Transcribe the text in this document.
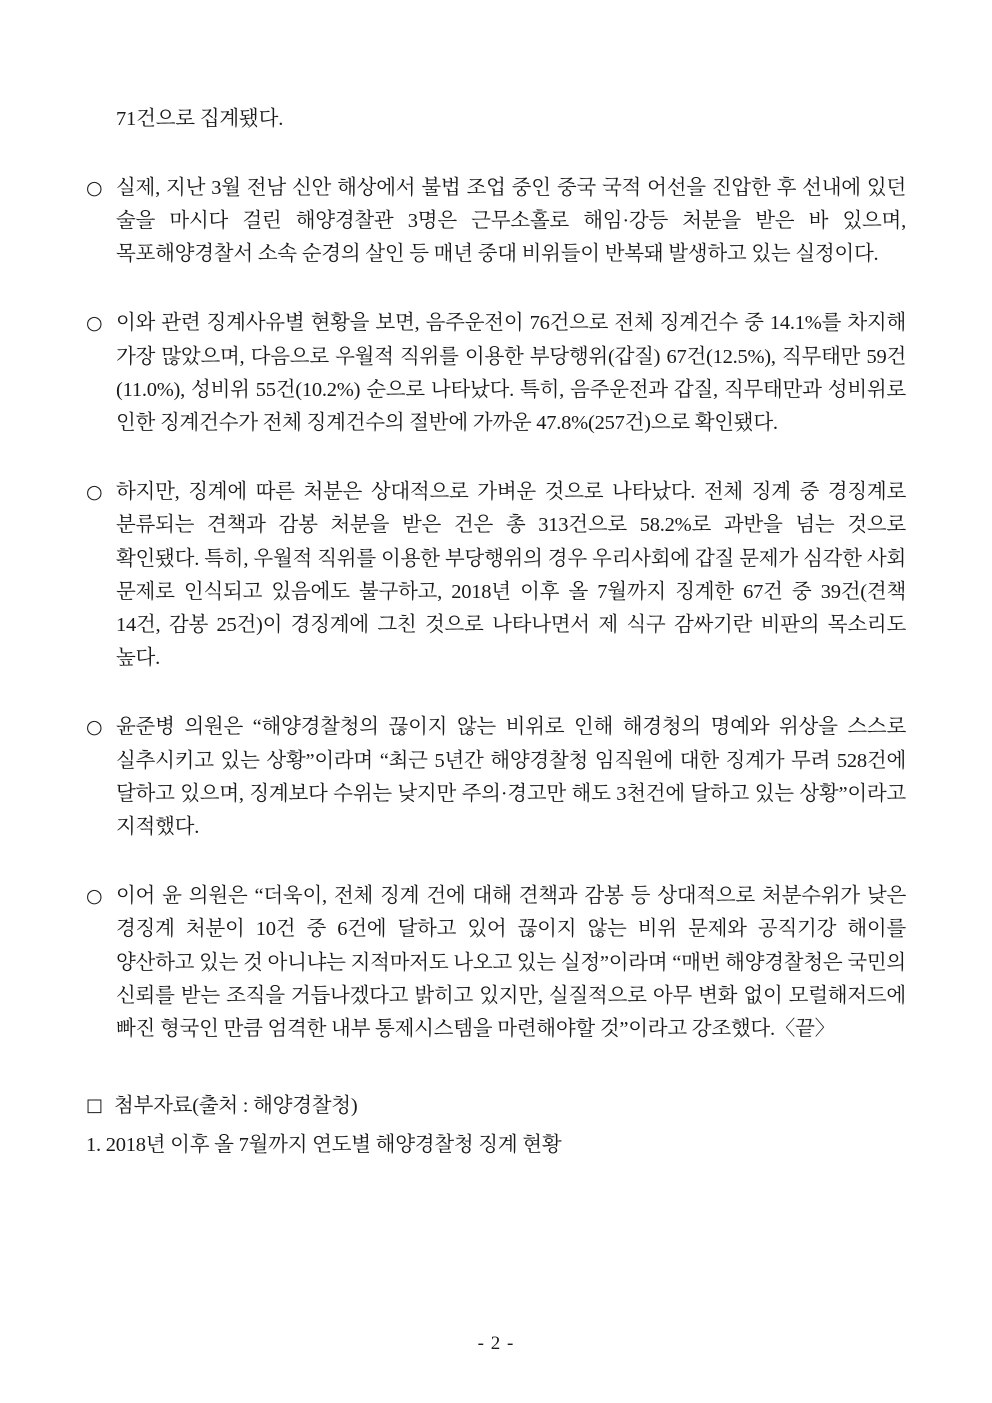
71건으로 집계됐다.
○ 실제, 지난 3월 전남 신안 해상에서 불법 조업 중인 중국 국적 어선을 진압한 후 선내에 있던 술을 마시다 걸린 해양경찰관 3명은 근무소홀로 해임·강등 처분을 받은 바 있으며, 목포해양경찰서 소속 순경의 살인 등 매년 중대 비위들이 반복돼 발생하고 있는 실정이다.
○ 이와 관련 징계사유별 현황을 보면, 음주운전이 76건으로 전체 징계건수 중 14.1%를 차지해 가장 많았으며, 다음으로 우월적 직위를 이용한 부당행위(갑질) 67건(12.5%), 직무태만 59건(11.0%), 성비위 55건(10.2%) 순으로 나타났다. 특히, 음주운전과 갑질, 직무태만과 성비위로 인한 징계건수가 전체 징계건수의 절반에 가까운 47.8%(257건)으로 확인됐다.
○ 하지만, 징계에 따른 처분은 상대적으로 가벼운 것으로 나타났다. 전체 징계 중 경징계로 분류되는 견책과 감봉 처분을 받은 건은 총 313건으로 58.2%로 과반을 넘는 것으로 확인됐다. 특히, 우월적 직위를 이용한 부당행위의 경우 우리사회에 갑질 문제가 심각한 사회 문제로 인식되고 있음에도 불구하고, 2018년 이후 올 7월까지 징계한 67건 중 39건(견책 14건, 감봉 25건)이 경징계에 그친 것으로 나타나면서 제 식구 감싸기란 비판의 목소리도 높다.
○ 윤준병 의원은 “해양경찰청의 끊이지 않는 비위로 인해 해경청의 명예와 위상을 스스로 실추시키고 있는 상황”이라며 “최근 5년간 해양경찰청 임직원에 대한 징계가 무려 528건에 달하고 있으며, 징계보다 수위는 낮지만 주의·경고만 해도 3천건에 달하고 있는 상황”이라고 지적했다.
○ 이어 윤 의원은 “더욱이, 전체 징계 건에 대해 견책과 감봉 등 상대적으로 처분수위가 낮은 경징계 처분이 10건 중 6건에 달하고 있어 끊이지 않는 비위 문제와 공직기강 해이를 양산하고 있는 것 아니냐는 지적마저도 나오고 있는 실정”이라며 “매번 해양경찰청은 국민의 신뢰를 받는 조직을 거듭나겠다고 밝히고 있지만, 실질적으로 아무 변화 없이 모럴해저드에 빠진 형국인 만큼 엄격한 내부 통제시스템을 마련해야할 것”이라고 강조했다.〈끝〉
□ 첨부자료(출처 : 해양경찰청)
1. 2018년 이후 올 7월까지 연도별 해양경찰청 징계 현황
- 2 -
